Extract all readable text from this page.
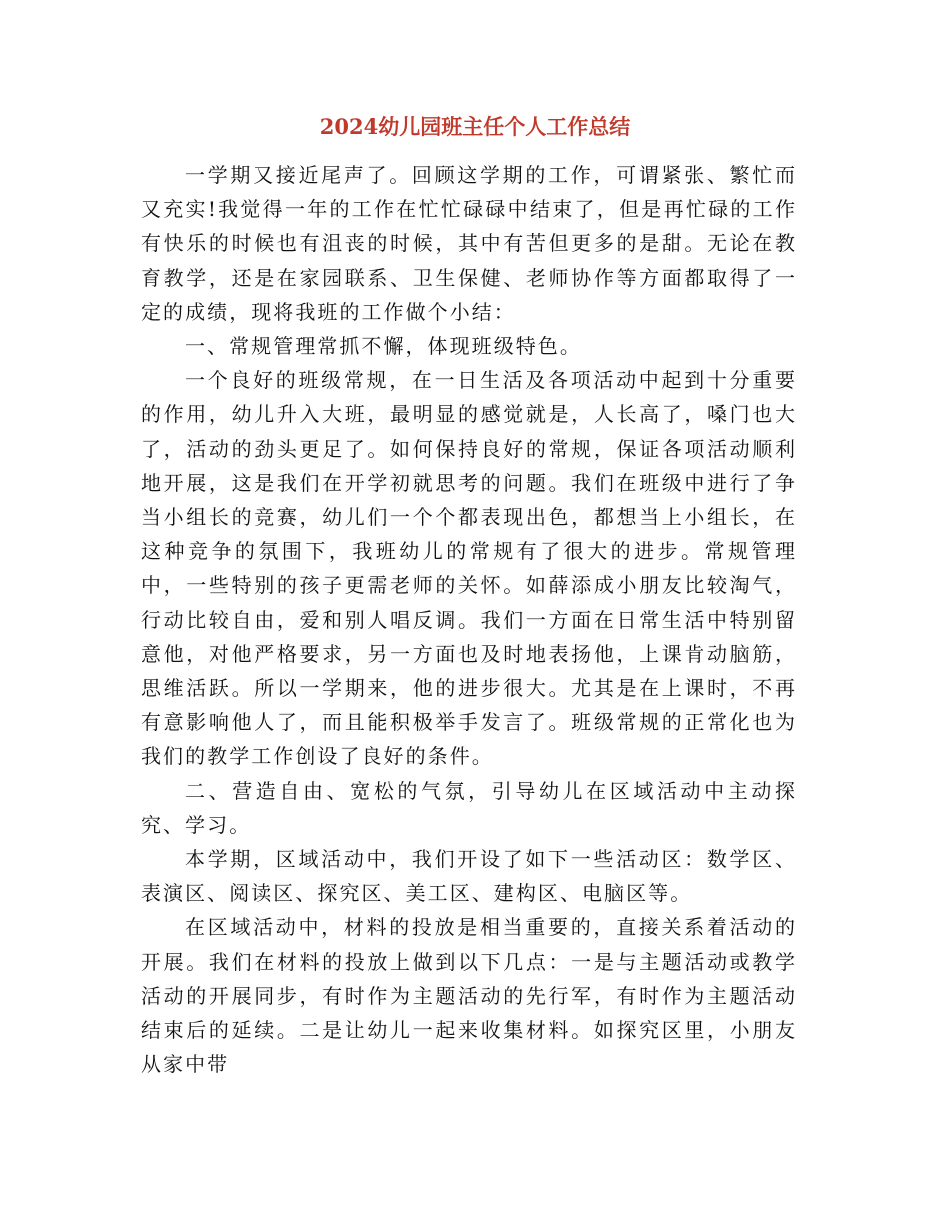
2024幼儿园班主任个人工作总结

一学期又接近尾声了。回顾这学期的工作，可谓紧张、繁忙而又充实!我觉得一年的工作在忙忙碌碌中结束了，但是再忙碌的工作有快乐的时候也有沮丧的时候，其中有苦但更多的是甜。无论在教育教学，还是在家园联系、卫生保健、老师协作等方面都取得了一定的成绩，现将我班的工作做个小结：

一、常规管理常抓不懈，体现班级特色。

一个良好的班级常规，在一日生活及各项活动中起到十分重要的作用，幼儿升入大班，最明显的感觉就是，人长高了，嗓门也大了，活动的劲头更足了。如何保持良好的常规，保证各项活动顺利地开展，这是我们在开学初就思考的问题。我们在班级中进行了争当小组长的竞赛，幼儿们一个个都表现出色，都想当上小组长，在这种竞争的氛围下，我班幼儿的常规有了很大的进步。常规管理中，一些特别的孩子更需老师的关怀。如薛添成小朋友比较淘气，行动比较自由，爱和别人唱反调。我们一方面在日常生活中特别留意他，对他严格要求，另一方面也及时地表扬他，上课肯动脑筋，思维活跃。所以一学期来，他的进步很大。尤其是在上课时，不再有意影响他人了，而且能积极举手发言了。班级常规的正常化也为我们的教学工作创设了良好的条件。

二、营造自由、宽松的气氛，引导幼儿在区域活动中主动探究、学习。

本学期，区域活动中，我们开设了如下一些活动区：数学区、表演区、阅读区、探究区、美工区、建构区、电脑区等。

在区域活动中，材料的投放是相当重要的，直接关系着活动的开展。我们在材料的投放上做到以下几点：一是与主题活动或教学活动的开展同步，有时作为主题活动的先行军，有时作为主题活动结束后的延续。二是让幼儿一起来收集材料。如探究区里，小朋友从家中带
